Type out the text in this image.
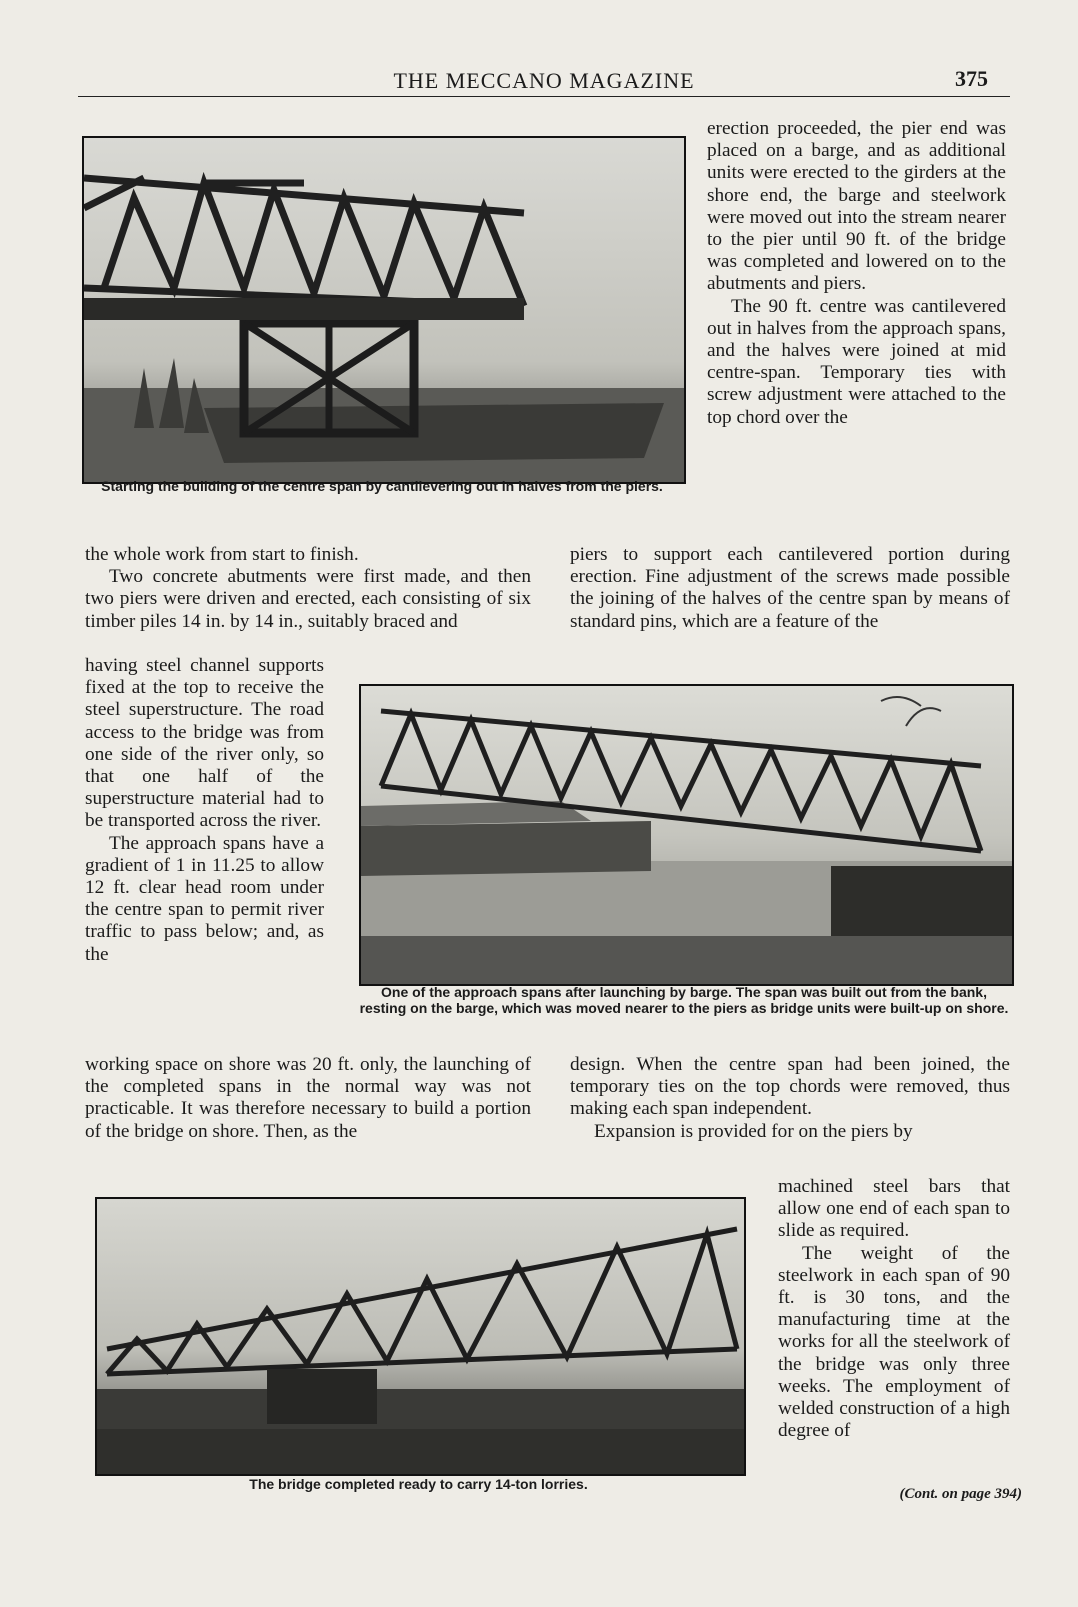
THE MECCANO MAGAZINE	375
Starting the building of the centre span by cantilevering out in halves from the piers.

erection proceeded, the pier end was placed on a barge, and as additional units were erected to the girders at the shore end, the barge and steelwork were moved out into the stream nearer to the pier until 90 ft. of the bridge was completed and lowered on to the abutments and piers.

The 90 ft. centre was cantilevered out in halves from the approach spans, and the halves were joined at mid centre-span. Temporary ties with screw adjustment were attached to the top chord over the

the whole work from start to finish.

Two concrete abutments were first made, and then two piers were driven and erected, each consisting of six timber piles 14 in. by 14 in., suitably braced and

piers to support each cantilevered portion during erection. Fine adjustment of the screws made possible the joining of the halves of the centre span by means of standard pins, which are a feature of the
One of the approach spans after launching by barge. The span was built out from the bank, resting on the barge, which was moved nearer to the piers as bridge units were built-up on shore.

having steel channel supports fixed at the top to receive the steel superstructure. The road access to the bridge was from one side of the river only, so that one half of the superstructure material had to be transported across the river.

The approach spans have a gradient of 1 in 11.25 to allow 12 ft. clear head room under the centre span to permit river traffic to pass below; and, as the

working space on shore was 20 ft. only, the launching of the completed spans in the normal way was not practicable. It was therefore necessary to build a portion of the bridge on shore. Then, as the

design. When the centre span had been joined, the temporary ties on the top chords were removed, thus making each span independent.

Expansion is provided for on the piers by

The bridge completed ready to carry 14-ton lorries.

machined steel bars that allow one end of each span to slide as required.

The weight of the steelwork in each span of 90 ft. is 30 tons, and the manufacturing time at the works for all the steelwork of the bridge was only three weeks. The employment of welded construction of a high degree of

(Cont. on page 394)
